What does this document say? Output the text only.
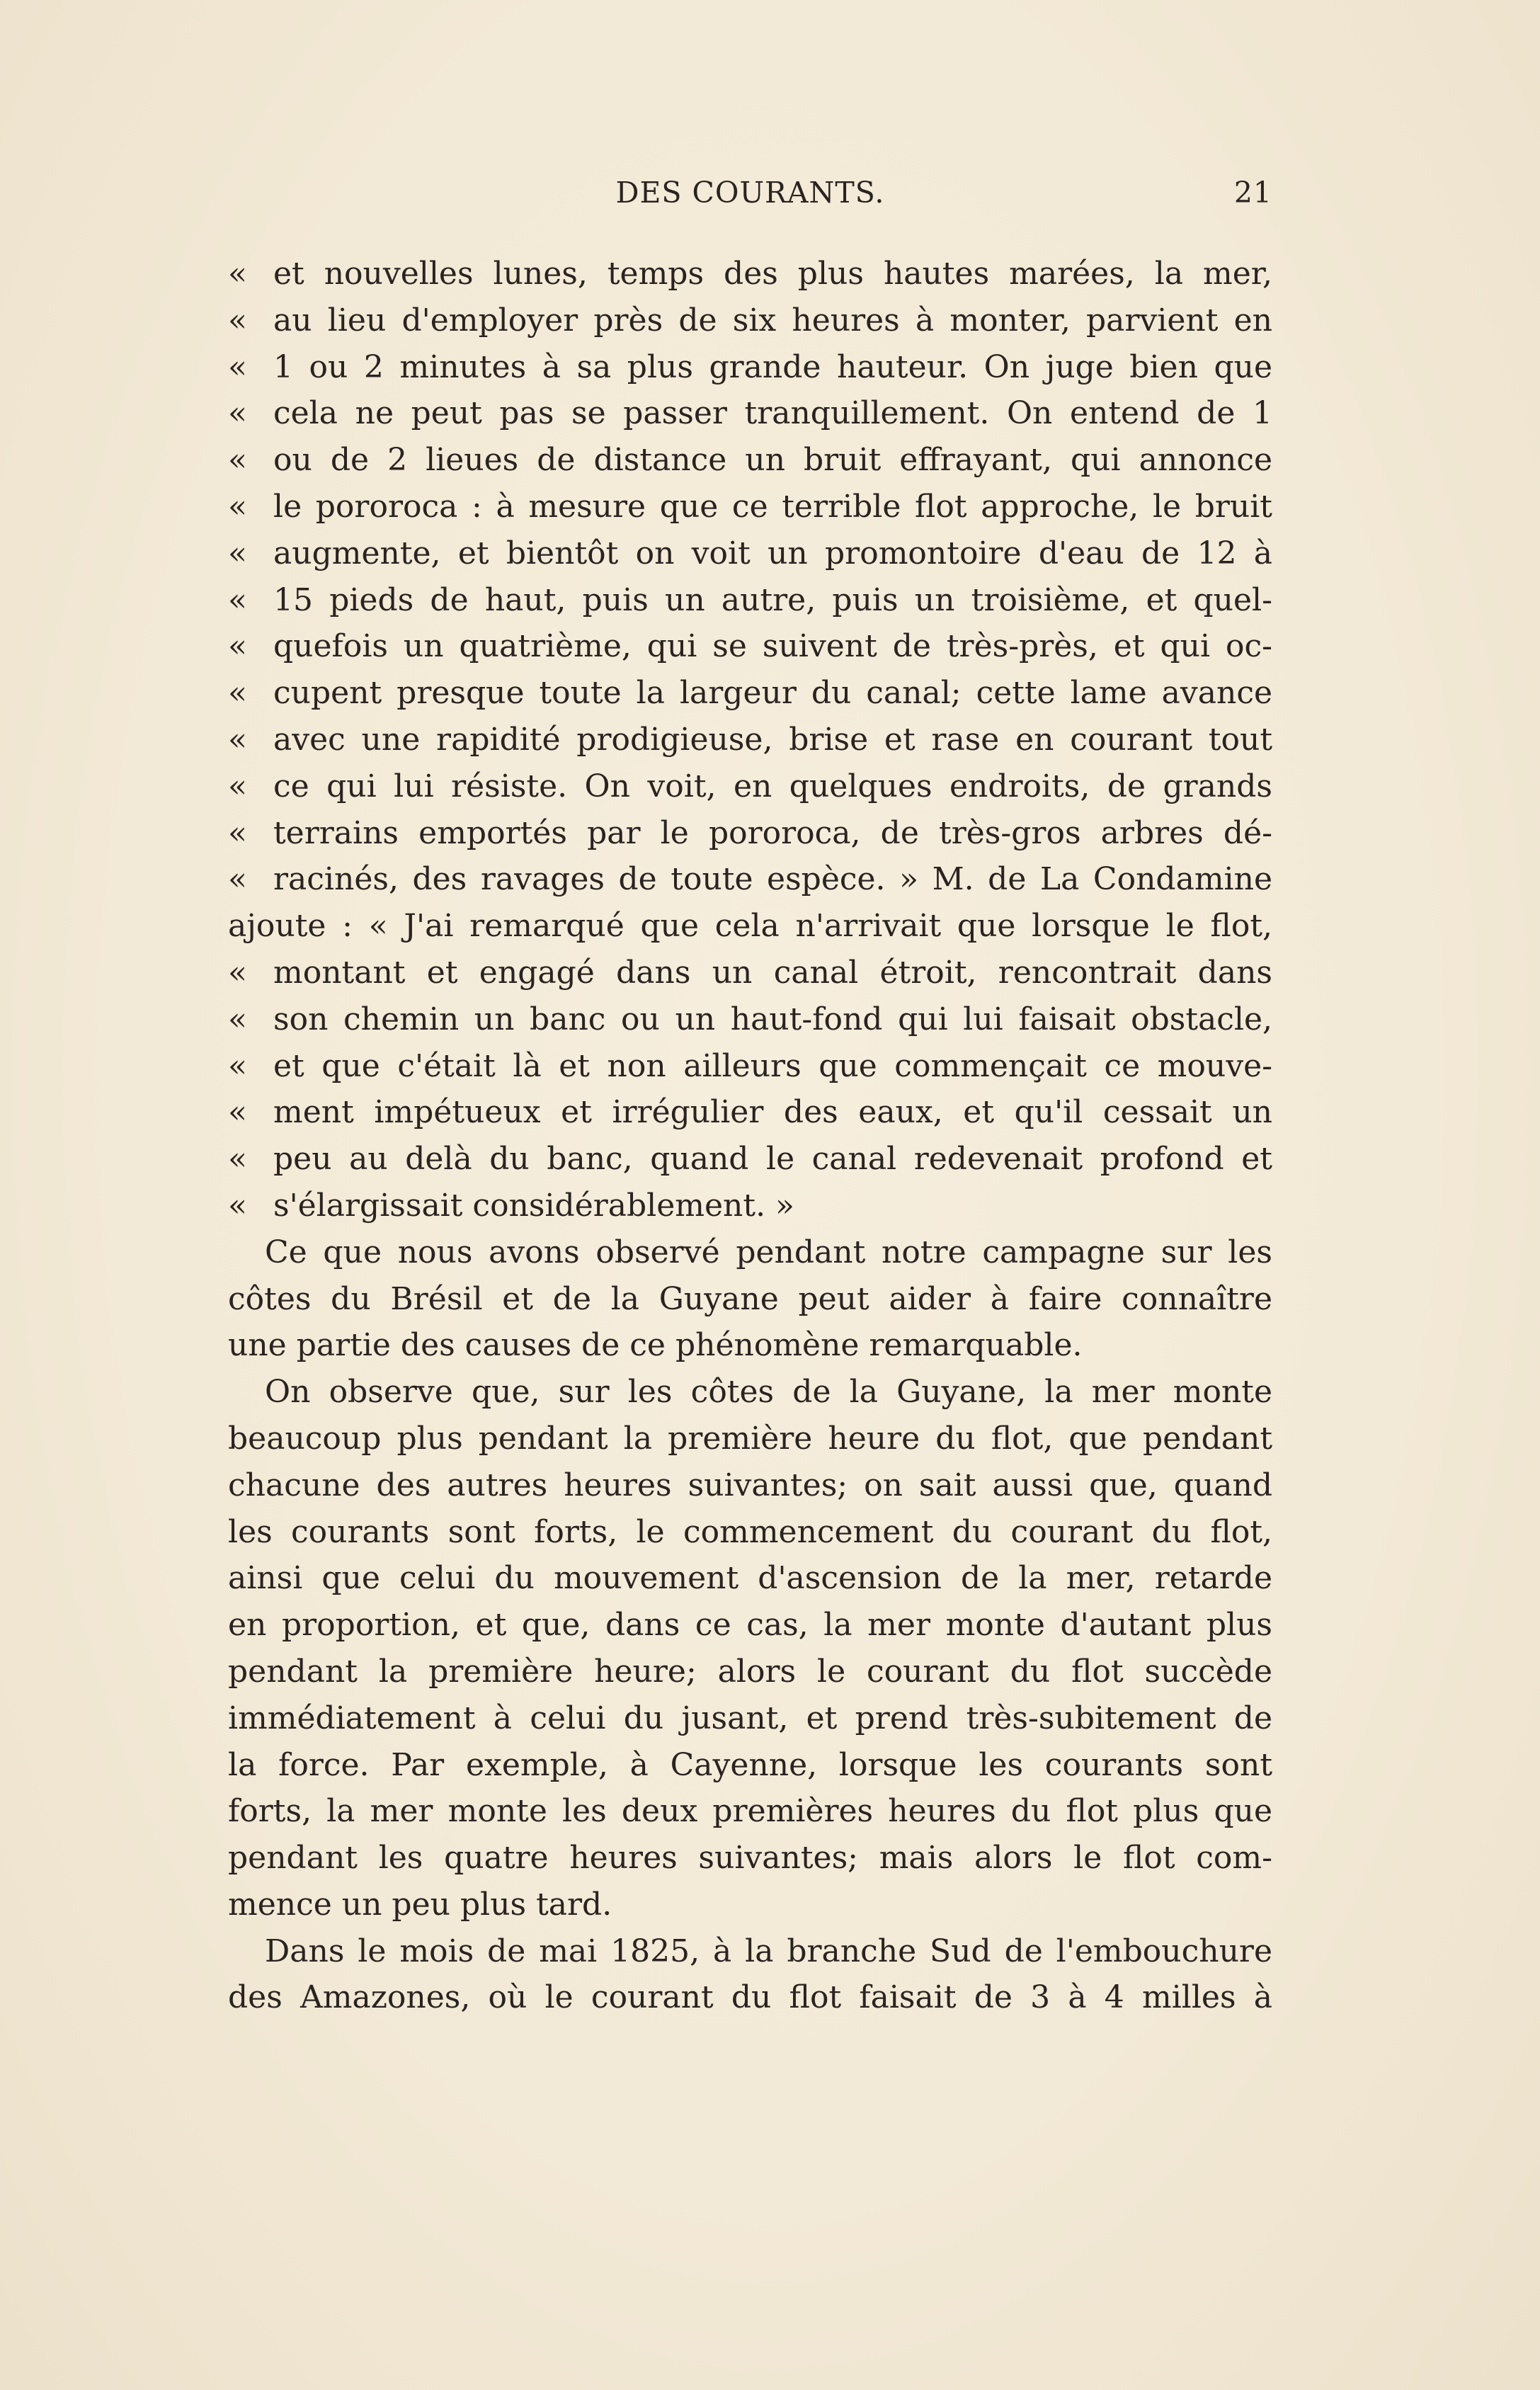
DES COURANTS.	21
« et nouvelles lunes, temps des plus hautes marées, la mer,
« au lieu d'employer près de six heures à monter, parvient en
« 1 ou 2 minutes à sa plus grande hauteur. On juge bien que
« cela ne peut pas se passer tranquillement. On entend de 1
« ou de 2 lieues de distance un bruit effrayant, qui annonce
« le pororoca : à mesure que ce terrible flot approche, le bruit
« augmente, et bientôt on voit un promontoire d'eau de 12 à
« 15 pieds de haut, puis un autre, puis un troisième, et quel-
« quefois un quatrième, qui se suivent de très-près, et qui oc-
« cupent presque toute la largeur du canal; cette lame avance
« avec une rapidité prodigieuse, brise et rase en courant tout
« ce qui lui résiste. On voit, en quelques endroits, de grands
« terrains emportés par le pororoca, de très-gros arbres dé-
« racinés, des ravages de toute espèce. » M. de La Condamine
ajoute : « J'ai remarqué que cela n'arrivait que lorsque le flot,
« montant et engagé dans un canal étroit, rencontrait dans
« son chemin un banc ou un haut-fond qui lui faisait obstacle,
« et que c'était là et non ailleurs que commençait ce mouve-
« ment impétueux et irrégulier des eaux, et qu'il cessait un
« peu au delà du banc, quand le canal redevenait profond et
« s'élargissait considérablement. »
Ce que nous avons observé pendant notre campagne sur les
côtes du Brésil et de la Guyane peut aider à faire connaître
une partie des causes de ce phénomène remarquable.
On observe que, sur les côtes de la Guyane, la mer monte
beaucoup plus pendant la première heure du flot, que pendant
chacune des autres heures suivantes; on sait aussi que, quand
les courants sont forts, le commencement du courant du flot,
ainsi que celui du mouvement d'ascension de la mer, retarde
en proportion, et que, dans ce cas, la mer monte d'autant plus
pendant la première heure; alors le courant du flot succède
immédiatement à celui du jusant, et prend très-subitement de
la force. Par exemple, à Cayenne, lorsque les courants sont
forts, la mer monte les deux premières heures du flot plus que
pendant les quatre heures suivantes; mais alors le flot com-
mence un peu plus tard.
Dans le mois de mai 1825, à la branche Sud de l'embouchure
des Amazones, où le courant du flot faisait de 3 à 4 milles à
